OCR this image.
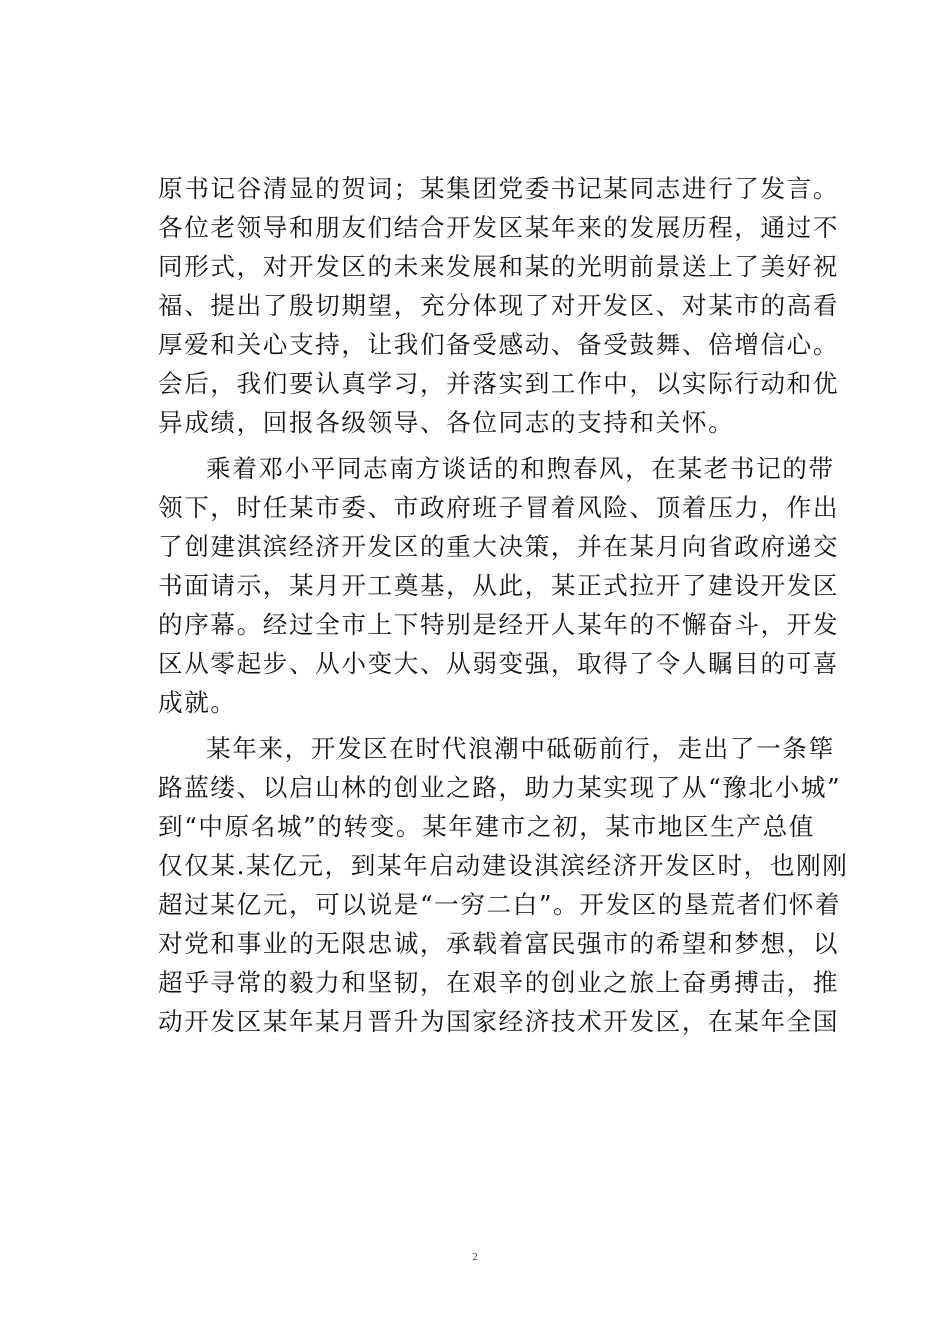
原书记谷清显的贺词；某集团党委书记某同志进行了发言。
各位老领导和朋友们结合开发区某年来的发展历程，通过不
同形式，对开发区的未来发展和某的光明前景送上了美好祝
福、提出了殷切期望，充分体现了对开发区、对某市的高看
厚爱和关心支持，让我们备受感动、备受鼓舞、倍增信心。
会后，我们要认真学习，并落实到工作中，以实际行动和优
异成绩，回报各级领导、各位同志的支持和关怀。
乘着邓小平同志南方谈话的和煦春风，在某老书记的带
领下，时任某市委、市政府班子冒着风险、顶着压力，作出
了创建淇滨经济开发区的重大决策，并在某月向省政府递交
书面请示，某月开工奠基，从此，某正式拉开了建设开发区
的序幕。经过全市上下特别是经开人某年的不懈奋斗，开发
区从零起步、从小变大、从弱变强，取得了令人瞩目的可喜
成就。
某年来，开发区在时代浪潮中砥砺前行，走出了一条筚
路蓝缕、以启山林的创业之路，助力某实现了从“豫北小城”
到“中原名城”的转变。某年建市之初，某市地区生产总值
仅仅某.某亿元，到某年启动建设淇滨经济开发区时，也刚刚
超过某亿元，可以说是“一穷二白”。开发区的垦荒者们怀着
对党和事业的无限忠诚，承载着富民强市的希望和梦想，以
超乎寻常的毅力和坚韧，在艰辛的创业之旅上奋勇搏击，推
动开发区某年某月晋升为国家经济技术开发区，在某年全国
2
